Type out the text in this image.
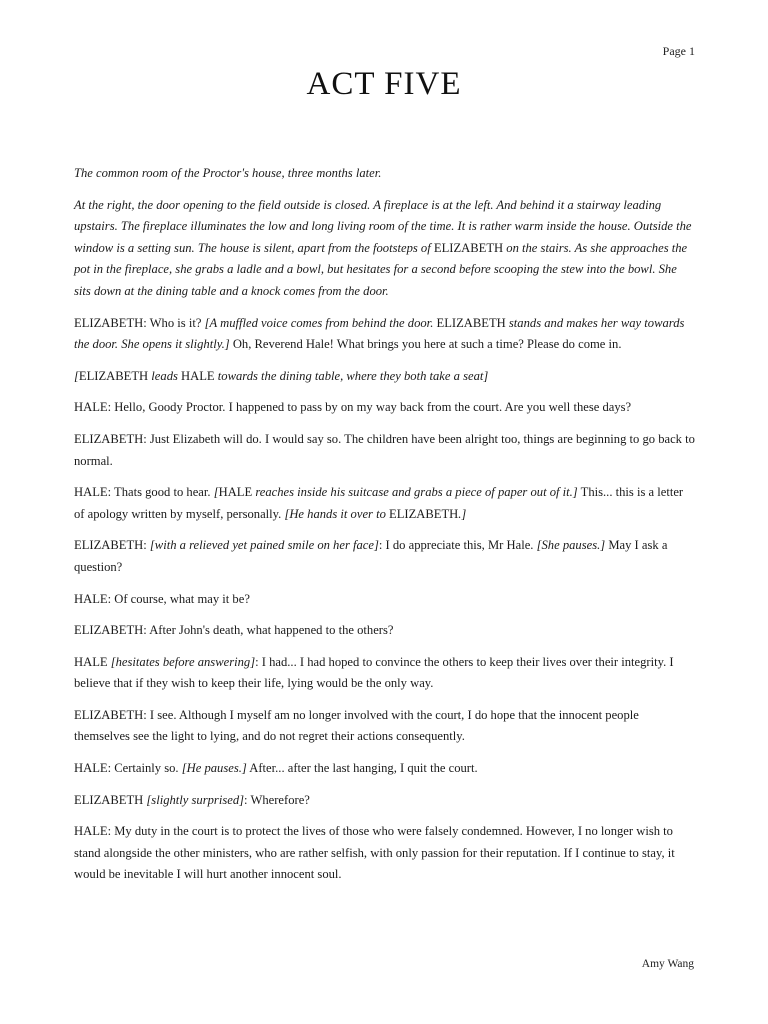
Page 1
ACT FIVE

The common room of the Proctor's house, three months later.

At the right, the door opening to the field outside is closed. A fireplace is at the left. And behind it a stairway leading upstairs. The fireplace illuminates the low and long living room of the time. It is rather warm inside the house. Outside the window is a setting sun. The house is silent, apart from the footsteps of ELIZABETH on the stairs. As she approaches the pot in the fireplace, she grabs a ladle and a bowl, but hesitates for a second before scooping the stew into the bowl. She sits down at the dining table and a knock comes from the door.

ELIZABETH: Who is it? [A muffled voice comes from behind the door. ELIZABETH stands and makes her way towards the door. She opens it slightly.] Oh, Reverend Hale! What brings you here at such a time? Please do come in.

[ELIZABETH leads HALE towards the dining table, where they both take a seat]

HALE: Hello, Goody Proctor. I happened to pass by on my way back from the court. Are you well these days?

ELIZABETH: Just Elizabeth will do. I would say so. The children have been alright too, things are beginning to go back to normal.

HALE: Thats good to hear. [HALE reaches inside his suitcase and grabs a piece of paper out of it.] This... this is a letter of apology written by myself, personally. [He hands it over to ELIZABETH.]

ELIZABETH: [with a relieved yet pained smile on her face]: I do appreciate this, Mr Hale. [She pauses.] May I ask a question?

HALE: Of course, what may it be?

ELIZABETH: After John's death, what happened to the others?

HALE [hesitates before answering]: I had... I had hoped to convince the others to keep their lives over their integrity. I believe that if they wish to keep their life, lying would be the only way.

ELIZABETH: I see. Although I myself am no longer involved with the court, I do hope that the innocent people themselves see the light to lying, and do not regret their actions consequently.

HALE: Certainly so. [He pauses.] After... after the last hanging, I quit the court.

ELIZABETH [slightly surprised]: Wherefore?

HALE: My duty in the court is to protect the lives of those who were falsely condemned. However, I no longer wish to stand alongside the other ministers, who are rather selfish, with only passion for their reputation. If I continue to stay, it would be inevitable I will hurt another innocent soul.

Amy Wang
